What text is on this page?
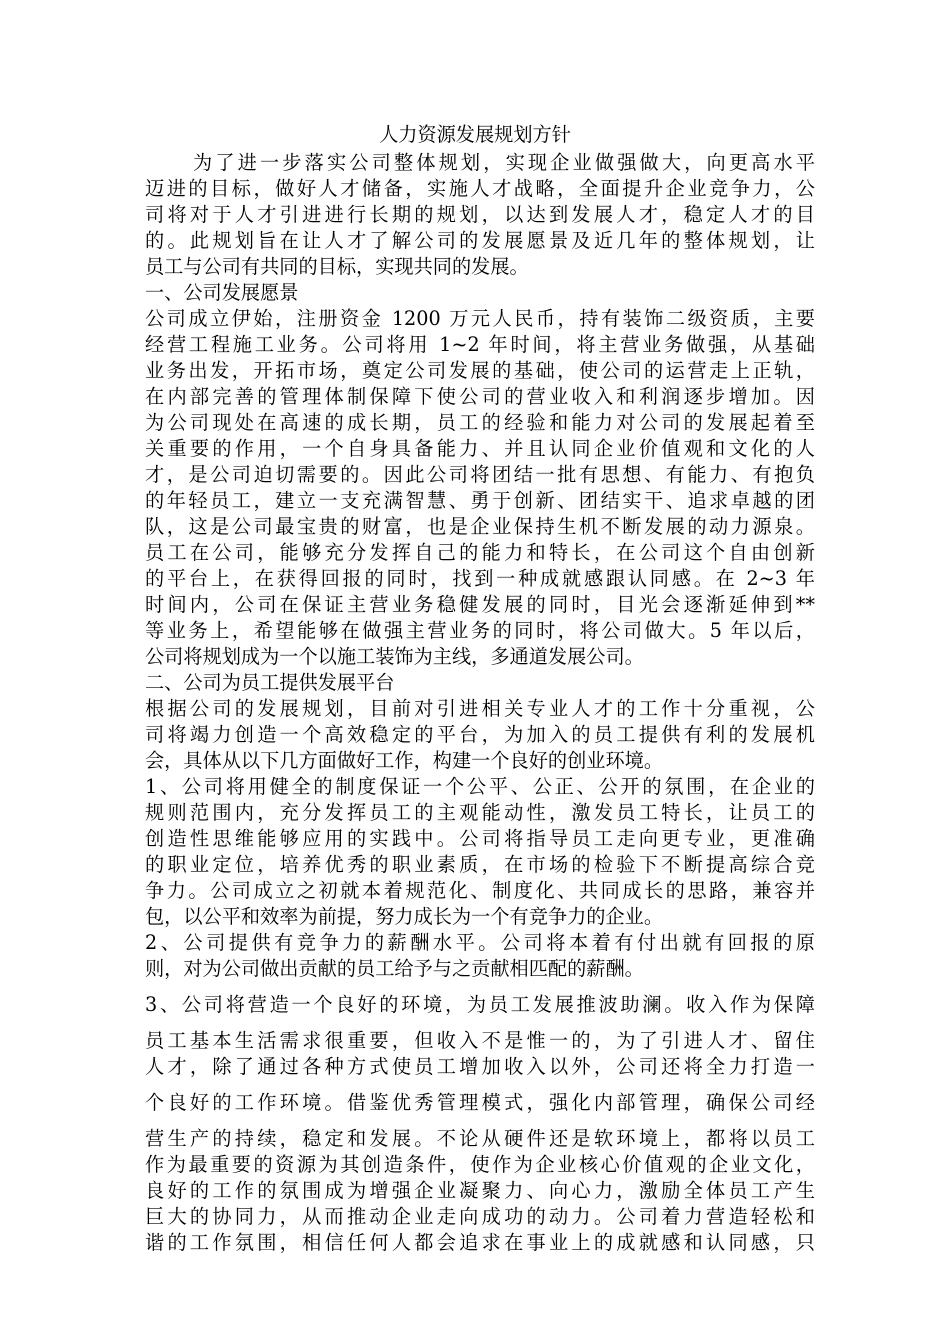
人力资源发展规划方针
为了进一步落实公司整体规划，实现企业做强做大，向更高水平
迈进的目标，做好人才储备，实施人才战略，全面提升企业竞争力，公
司将对于人才引进进行长期的规划，以达到发展人才，稳定人才的目
的。此规划旨在让人才了解公司的发展愿景及近几年的整体规划，让
员工与公司有共同的目标，实现共同的发展。
一、公司发展愿景
公司成立伊始，注册资金 1200 万元人民币，持有装饰二级资质，主要
经营工程施工业务。公司将用 1~2 年时间，将主营业务做强，从基础
业务出发，开拓市场，奠定公司发展的基础，使公司的运营走上正轨，
在内部完善的管理体制保障下使公司的营业收入和利润逐步增加。因
为公司现处在高速的成长期，员工的经验和能力对公司的发展起着至
关重要的作用，一个自身具备能力、并且认同企业价值观和文化的人
才，是公司迫切需要的。因此公司将团结一批有思想、有能力、有抱负
的年轻员工，建立一支充满智慧、勇于创新、团结实干、追求卓越的团
队，这是公司最宝贵的财富，也是企业保持生机不断发展的动力源泉。
员工在公司，能够充分发挥自己的能力和特长，在公司这个自由创新
的平台上，在获得回报的同时，找到一种成就感跟认同感。在 2~3 年
时间内，公司在保证主营业务稳健发展的同时，目光会逐渐延伸到**
等业务上，希望能够在做强主营业务的同时，将公司做大。5 年以后，
公司将规划成为一个以施工装饰为主线，多通道发展公司。
二、公司为员工提供发展平台
根据公司的发展规划，目前对引进相关专业人才的工作十分重视，公
司将竭力创造一个高效稳定的平台，为加入的员工提供有利的发展机
会，具体从以下几方面做好工作，构建一个良好的创业环境。
1、公司将用健全的制度保证一个公平、公正、公开的氛围，在企业的
规则范围内，充分发挥员工的主观能动性，激发员工特长，让员工的
创造性思维能够应用的实践中。公司将指导员工走向更专业，更准确
的职业定位，培养优秀的职业素质，在市场的检验下不断提高综合竞
争力。公司成立之初就本着规范化、制度化、共同成长的思路，兼容并
包，以公平和效率为前提，努力成长为一个有竞争力的企业。
2、公司提供有竞争力的薪酬水平。公司将本着有付出就有回报的原
则，对为公司做出贡献的员工给予与之贡献相匹配的薪酬。
3、公司将营造一个良好的环境，为员工发展推波助澜。收入作为保障
员工基本生活需求很重要，但收入不是惟一的，为了引进人才、留住
人才，除了通过各种方式使员工增加收入以外，公司还将全力打造一
个良好的工作环境。借鉴优秀管理模式，强化内部管理，确保公司经
营生产的持续，稳定和发展。不论从硬件还是软环境上，都将以员工
作为最重要的资源为其创造条件，使作为企业核心价值观的企业文化，
良好的工作的氛围成为增强企业凝聚力、向心力，激励全体员工产生
巨大的协同力，从而推动企业走向成功的动力。公司着力营造轻松和
谐的工作氛围，相信任何人都会追求在事业上的成就感和认同感，只
